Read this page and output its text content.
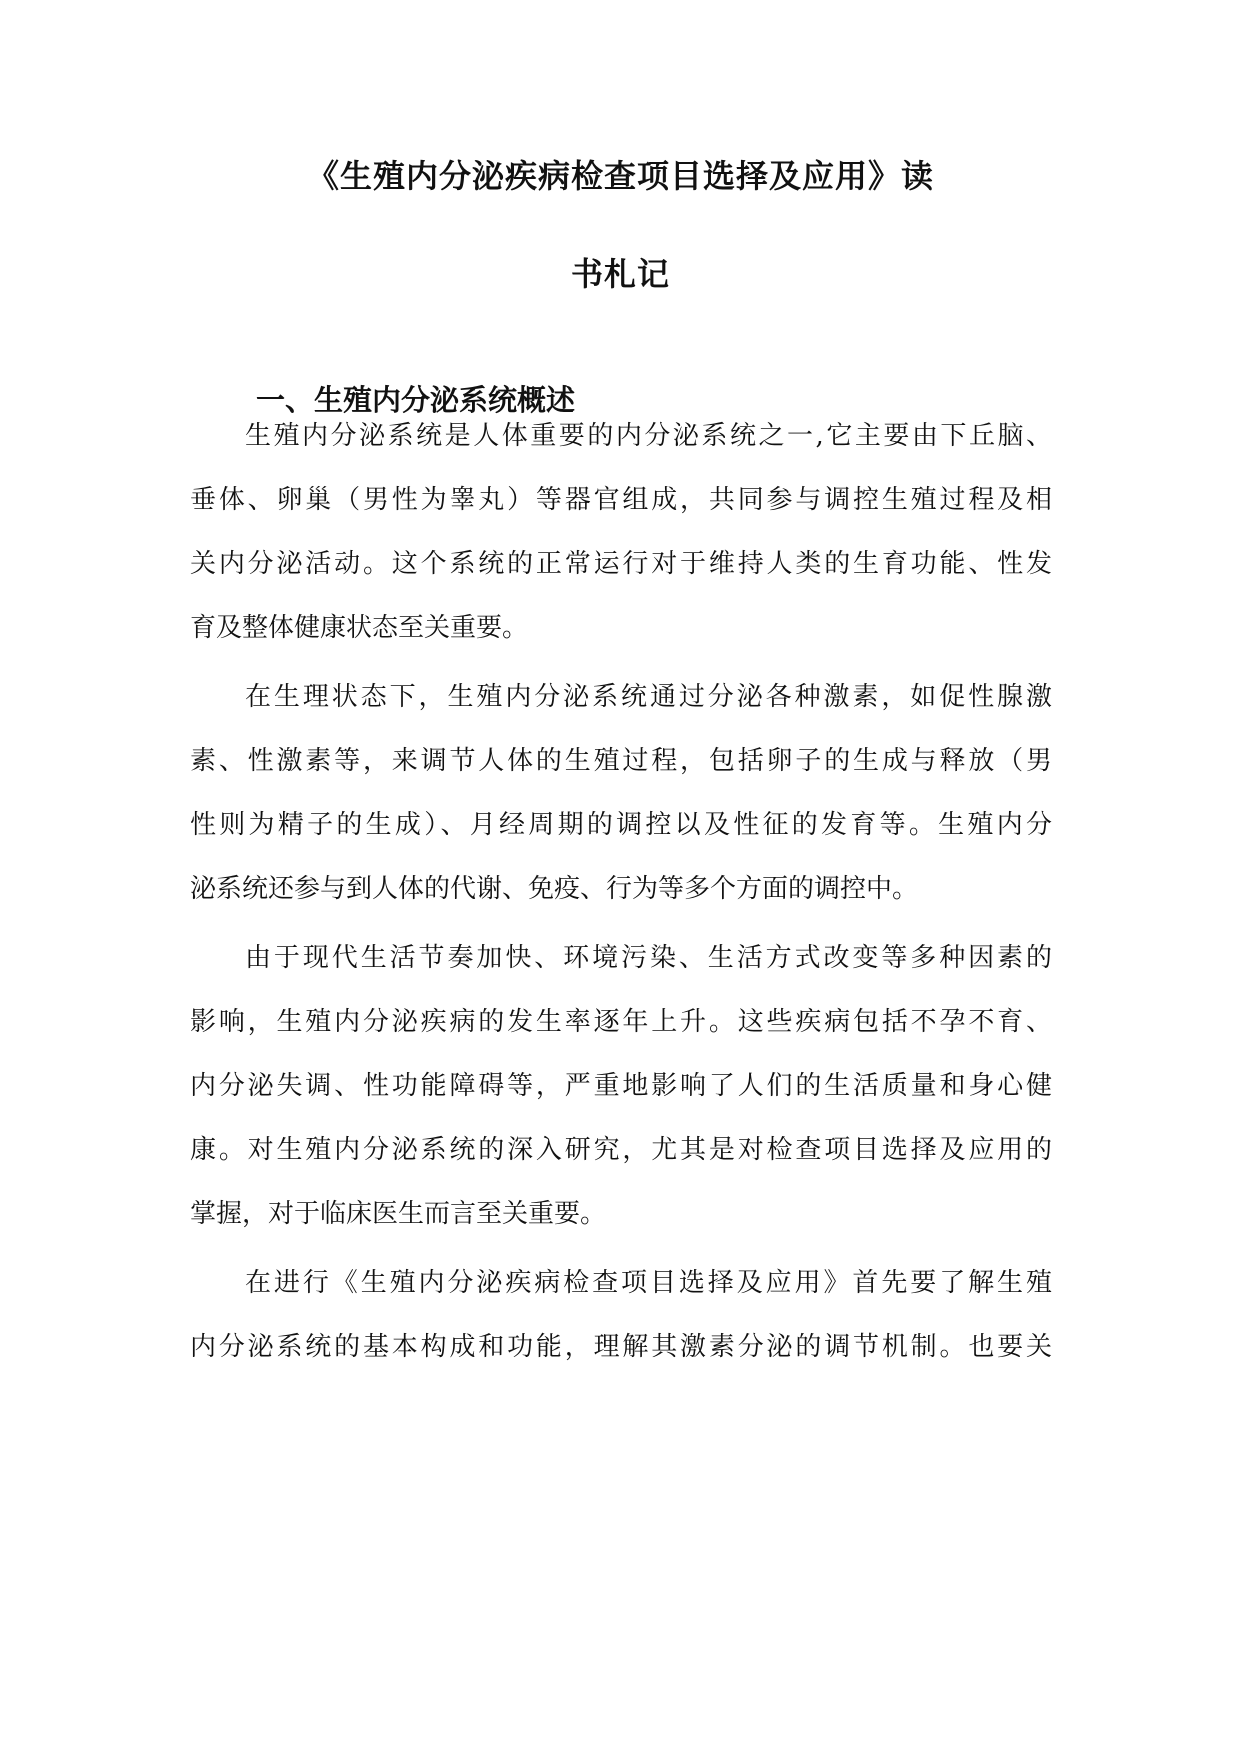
《生殖内分泌疾病检查项目选择及应用》读
书札记
一、生殖内分泌系统概述
生殖内分泌系统是人体重要的内分泌系统之一,它主要由下丘脑、
垂体、卵巢（男性为睾丸）等器官组成，共同参与调控生殖过程及相
关内分泌活动。这个系统的正常运行对于维持人类的生育功能、性发
育及整体健康状态至关重要。
在生理状态下，生殖内分泌系统通过分泌各种激素，如促性腺激
素、性激素等，来调节人体的生殖过程，包括卵子的生成与释放（男
性则为精子的生成）、月经周期的调控以及性征的发育等。生殖内分
泌系统还参与到人体的代谢、免疫、行为等多个方面的调控中。
由于现代生活节奏加快、环境污染、生活方式改变等多种因素的
影响，生殖内分泌疾病的发生率逐年上升。这些疾病包括不孕不育、
内分泌失调、性功能障碍等，严重地影响了人们的生活质量和身心健
康。对生殖内分泌系统的深入研究，尤其是对检查项目选择及应用的
掌握，对于临床医生而言至关重要。
在进行《生殖内分泌疾病检查项目选择及应用》首先要了解生殖
内分泌系统的基本构成和功能，理解其激素分泌的调节机制。也要关
